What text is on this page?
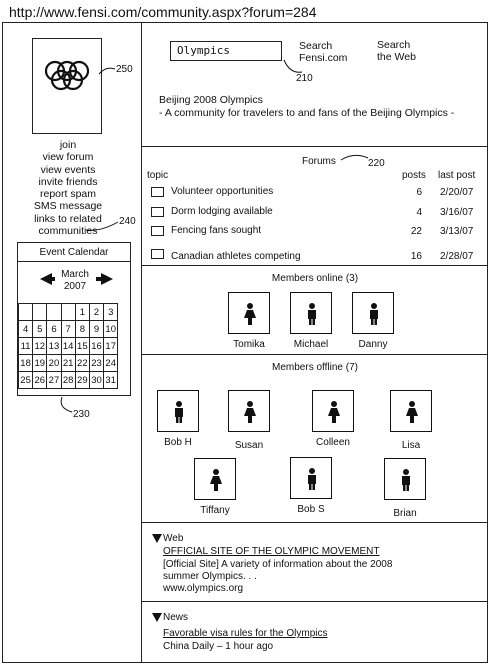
http://www.fensi.com/community.aspx?forum=284
250
join
view forum
view events
invite friends
report spam
SMS message
links to related
communities
240
Event Calendar
March
2007
				1	2	3
4	5	6	7	8	9	10
11	12	13	14	15	16	17
18	19	20	21	22	23	24
25	26	27	28	29	30	31
230
Olympics
210
Search
Fensi.com
Search
the Web
Beijing 2008 Olympics
- A community for travelers to and fans of the Beijing Olympics -
Forums	220
topic	posts last post
Volunteer opportunities	6 2/20/07
Dorm lodging available	4 3/16/07
Fencing fans sought	22 3/13/07
Canadian athletes competing	16 2/28/07
Members online (3)
Tomika	Michael	Danny
Members offline (7)
Bob H	Susan	Colleen	Lisa
Tiffany	Bob S	Brian
Web
OFFICIAL SITE OF THE OLYMPIC MOVEMENT
[Official Site] A variety of information about the 2008
summer Olympics. . .
www.olympics.org
News
Favorable visa rules for the Olympics
China Daily – 1 hour ago
